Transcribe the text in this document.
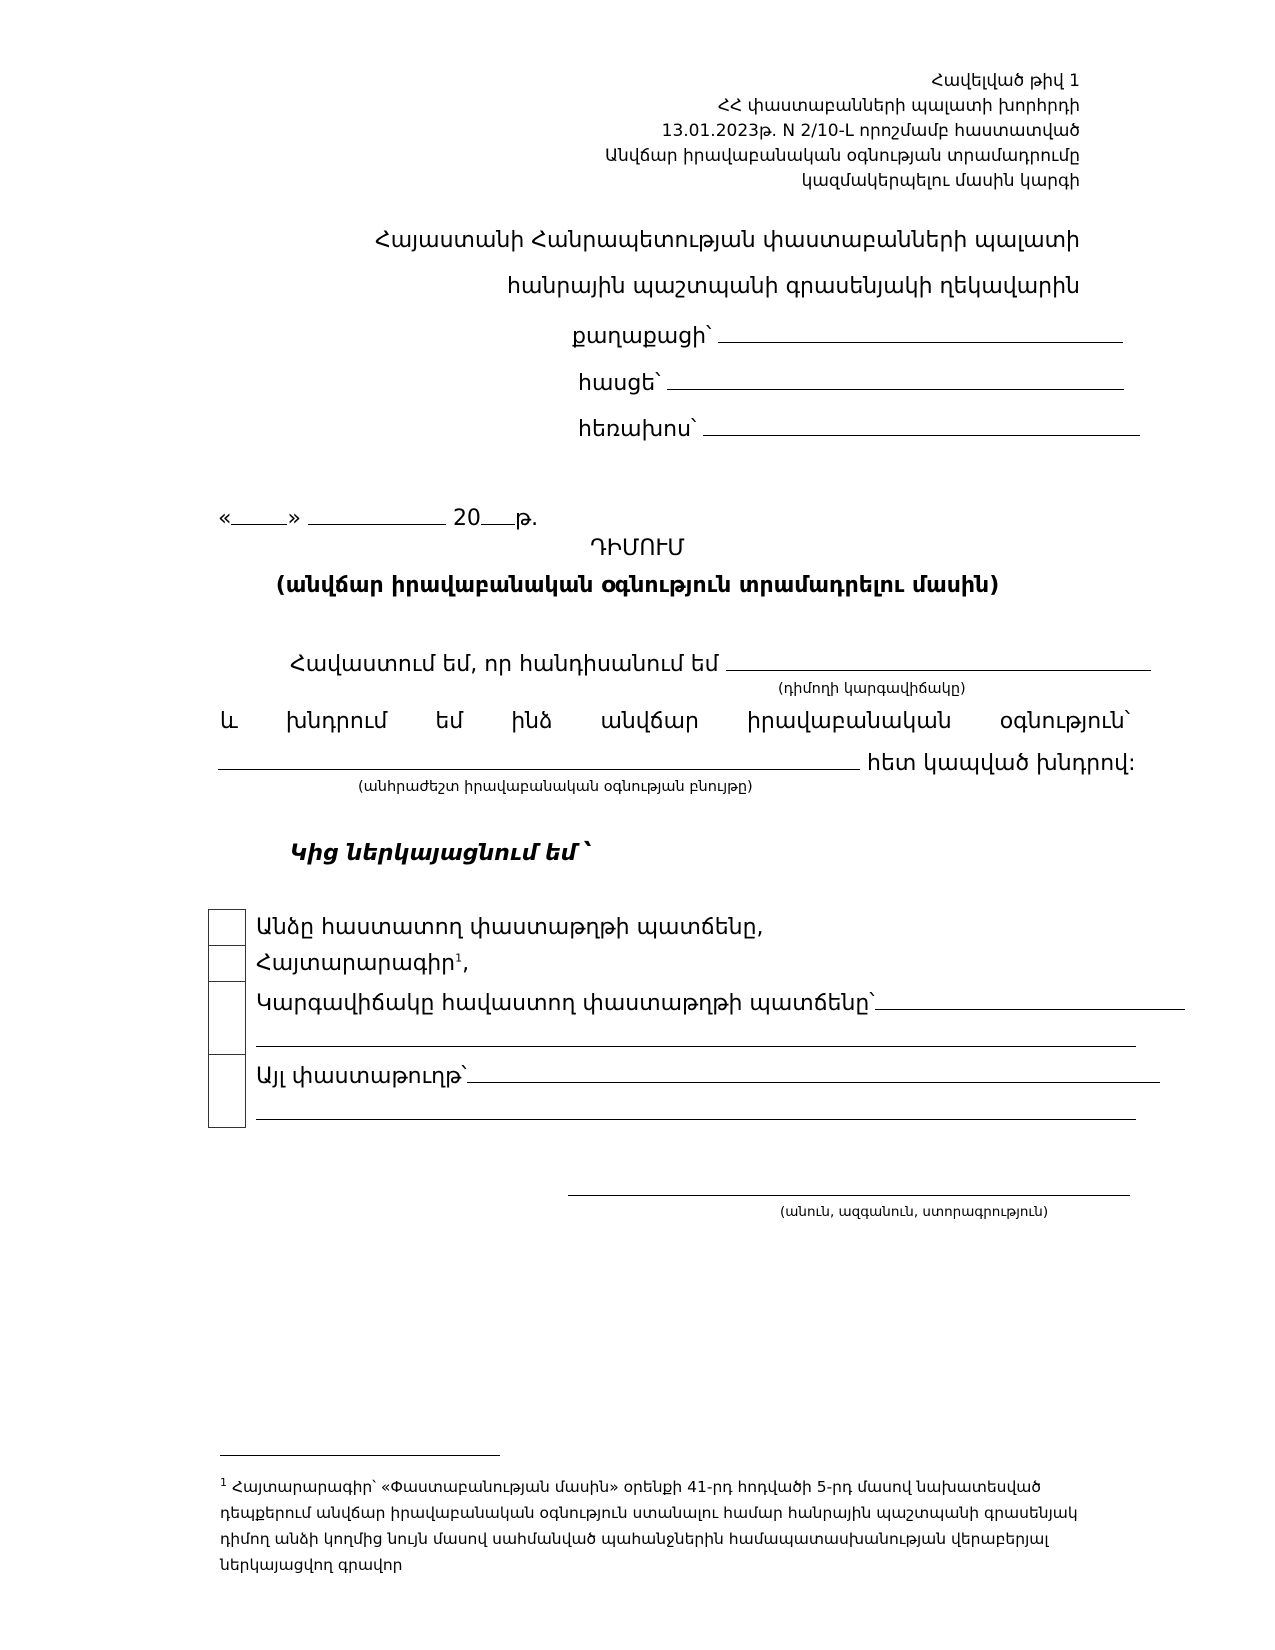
Հավելված թիվ 1
ՀՀ փաստաբանների պալատի խորհրդի
13.01.2023թ. N 2/10-Լ որոշմամբ հաստատված
Անվճար իրավաբանական օգնության տրամադրումը
կազմակերպելու մասին կարգի
Հայաստանի Հանրապետության փաստաբանների պալատի
հանրային պաշտպանի գրասենյակի ղեկավարին
քաղաքացի՝
հասցե՝
հեռախոս՝
«	»	20 թ.
ԴԻՄՈՒՄ
(անվճար իրավաբանական օգնություն տրամադրելու մասին)
Հավաստում եմ, որ հանդիսանում եմ
(դիմողի կարգավիճակը)
և խնդրում եմ ինձ անվճար իրավաբանական օգնություն՝
հետ կապված խնդրով:
(անհրաժեշտ իրավաբանական օգնության բնույթը)
Կից ներկայացնում եմ ՝
Անձը հաստատող փաստաթղթի պատճենը,
Հայտարարագիր$^1$,
Կարգավիճակը հավաստող փաստաթղթի պատճենը՝
Այլ փաստաթուղթ՝
(անուն, ազգանուն, ստորագրություն)
$^1$ Հայտարարագիր՝ «Փաստաբանության մասին» օրենքի 41-րդ հոդվածի 5-րդ մասով նախատեսված դեպքերում անվճար իրավաբանական օգնություն ստանալու համար հանրային պաշտպանի գրասենյակ դիմող անձի կողմից նույն մասով սահմանված պահանջներին համապատասխանության վերաբերյալ ներկայացվող գրավոր
